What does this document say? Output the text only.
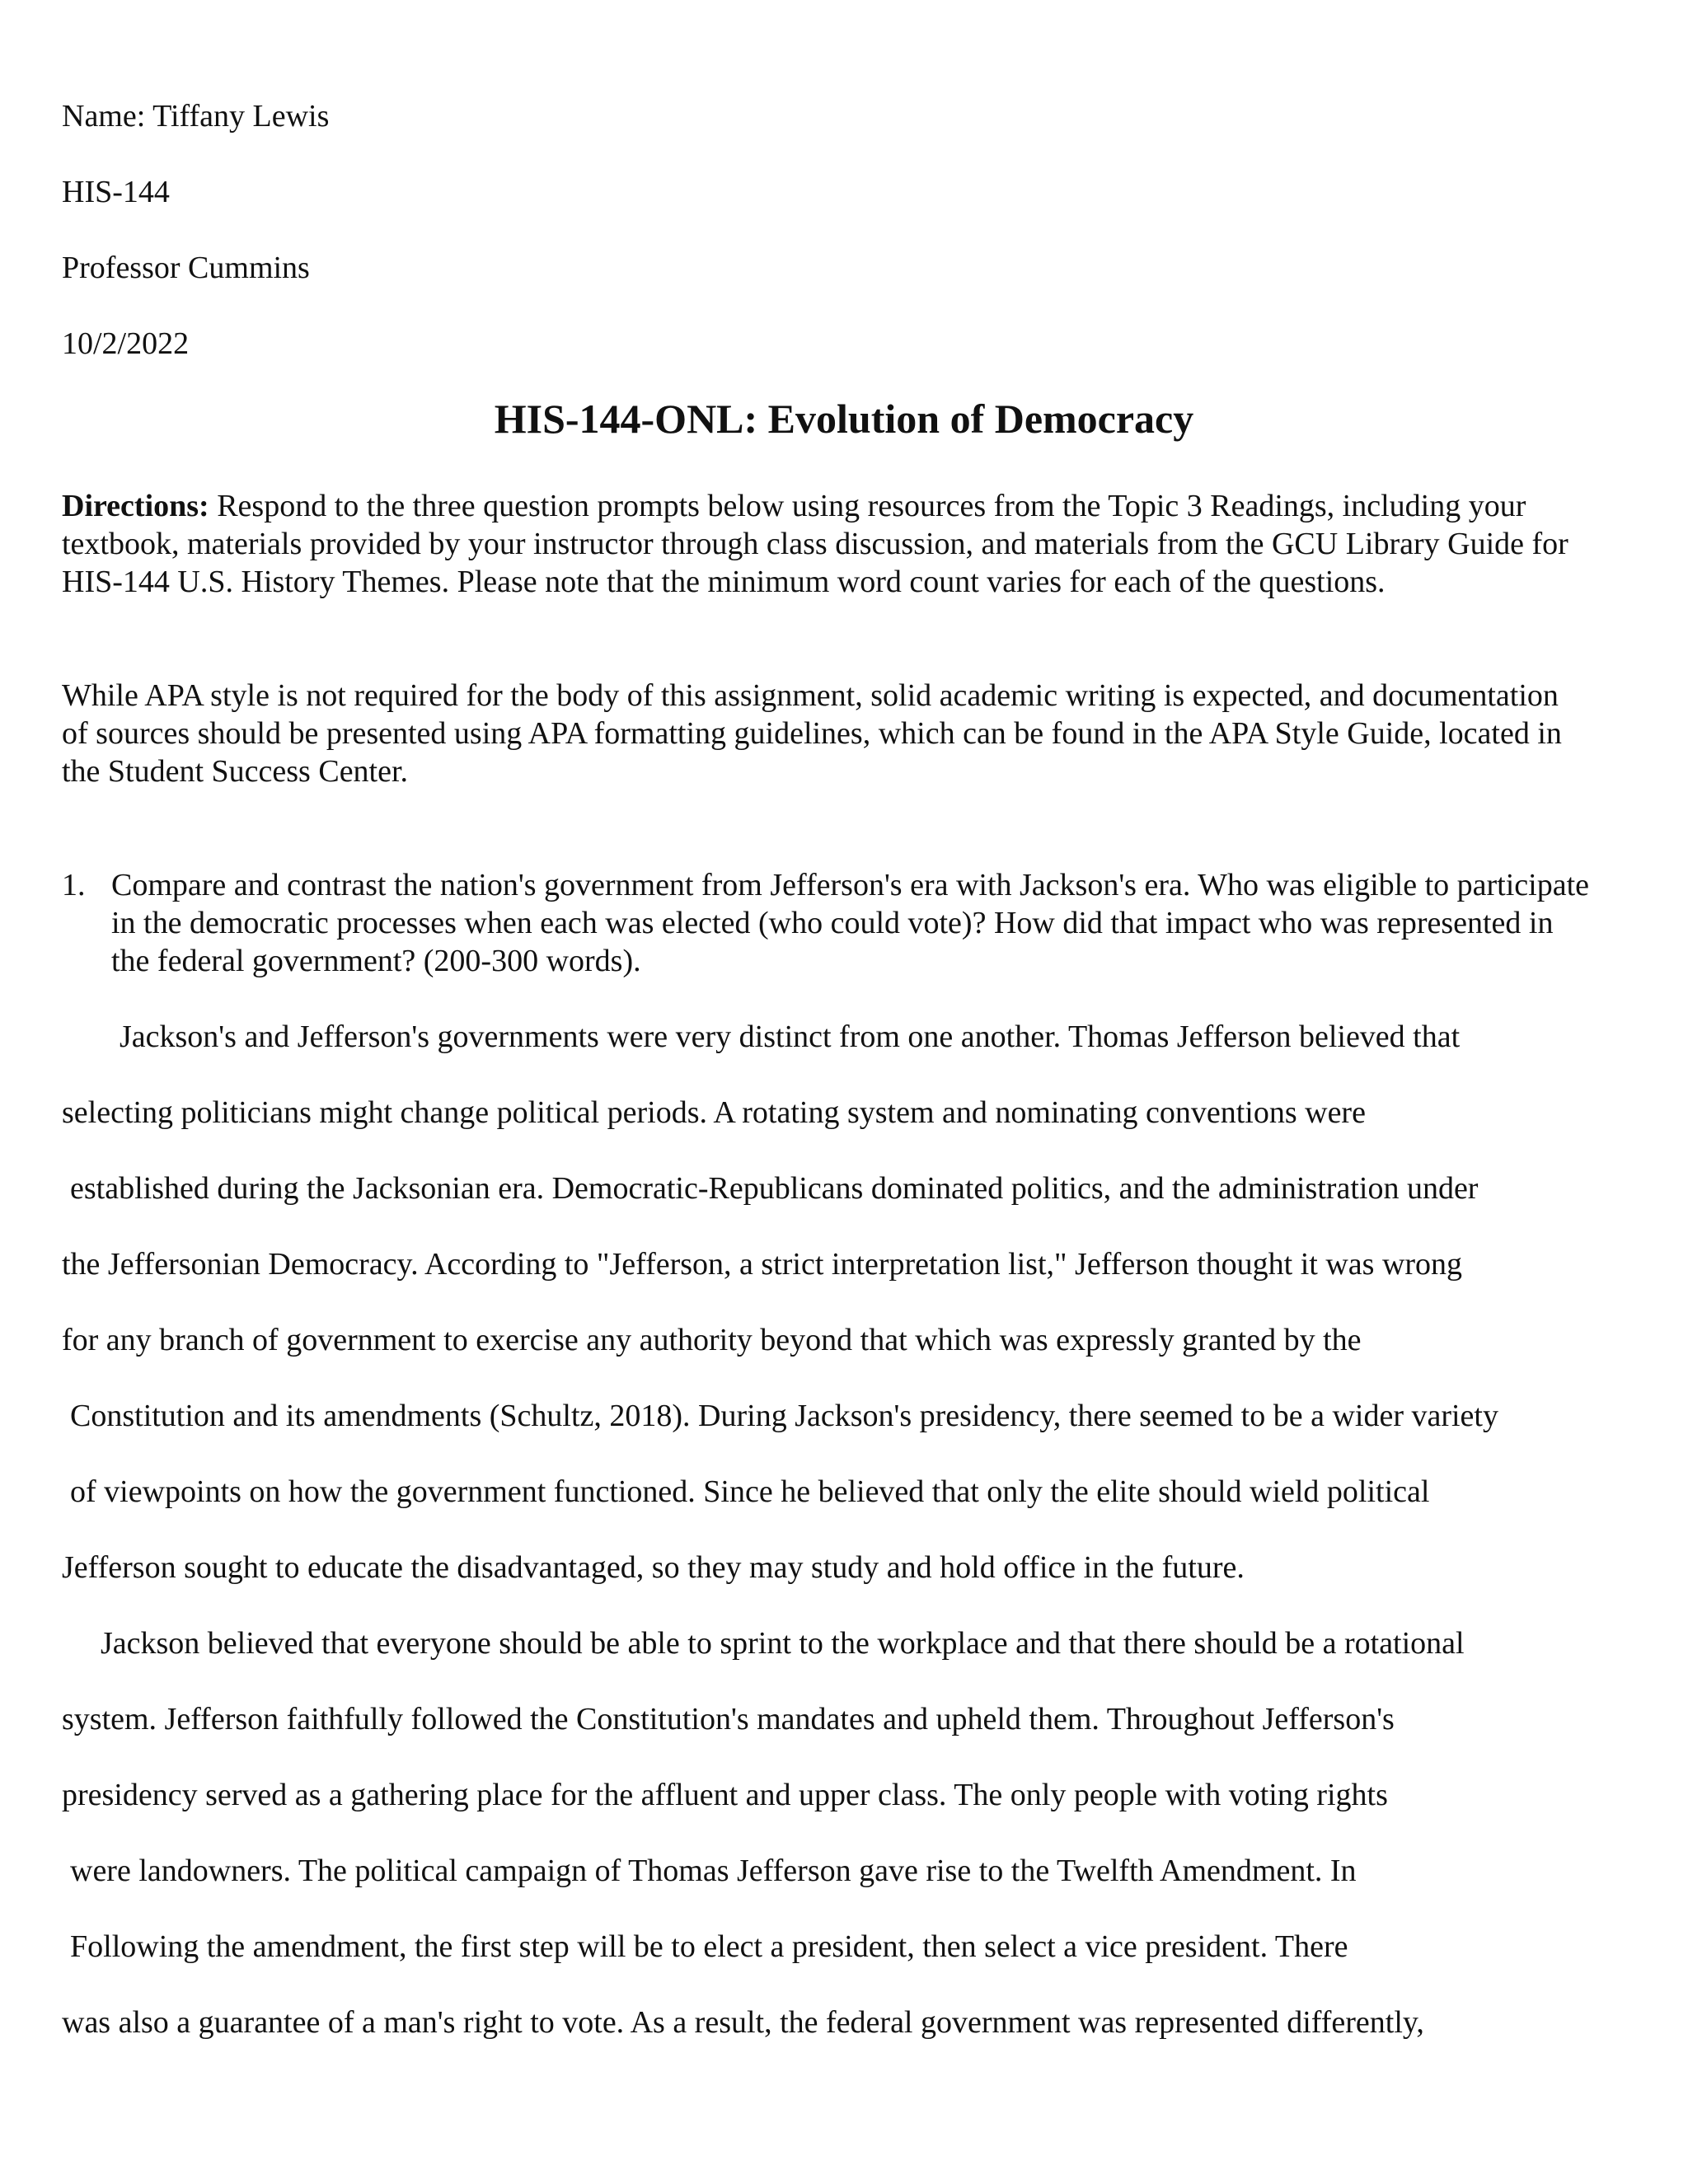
Name: Tiffany Lewis
HIS-144
Professor Cummins
10/2/2022
HIS-144-ONL: Evolution of Democracy
Directions: Respond to the three question prompts below using resources from the Topic 3 Readings, including your textbook, materials provided by your instructor through class discussion, and materials from the GCU Library Guide for HIS-144 U.S. History Themes. Please note that the minimum word count varies for each of the questions.
While APA style is not required for the body of this assignment, solid academic writing is expected, and documentation of sources should be presented using APA formatting guidelines, which can be found in the APA Style Guide, located in the Student Success Center.
1. Compare and contrast the nation's government from Jefferson's era with Jackson's era. Who was eligible to participate in the democratic processes when each was elected (who could vote)? How did that impact who was represented in the federal government? (200-300 words).
Jackson's and Jefferson's governments were very distinct from one another. Thomas Jefferson believed that
selecting politicians might change political periods. A rotating system and nominating conventions were
established during the Jacksonian era. Democratic-Republicans dominated politics, and the administration under
the Jeffersonian Democracy. According to "Jefferson, a strict interpretation list," Jefferson thought it was wrong
for any branch of government to exercise any authority beyond that which was expressly granted by the
Constitution and its amendments (Schultz, 2018). During Jackson's presidency, there seemed to be a wider variety
of viewpoints on how the government functioned. Since he believed that only the elite should wield political
Jefferson sought to educate the disadvantaged, so they may study and hold office in the future.
Jackson believed that everyone should be able to sprint to the workplace and that there should be a rotational
system. Jefferson faithfully followed the Constitution's mandates and upheld them. Throughout Jefferson's
presidency served as a gathering place for the affluent and upper class. The only people with voting rights
were landowners. The political campaign of Thomas Jefferson gave rise to the Twelfth Amendment. In
Following the amendment, the first step will be to elect a president, then select a vice president. There
was also a guarantee of a man's right to vote. As a result, the federal government was represented differently,
